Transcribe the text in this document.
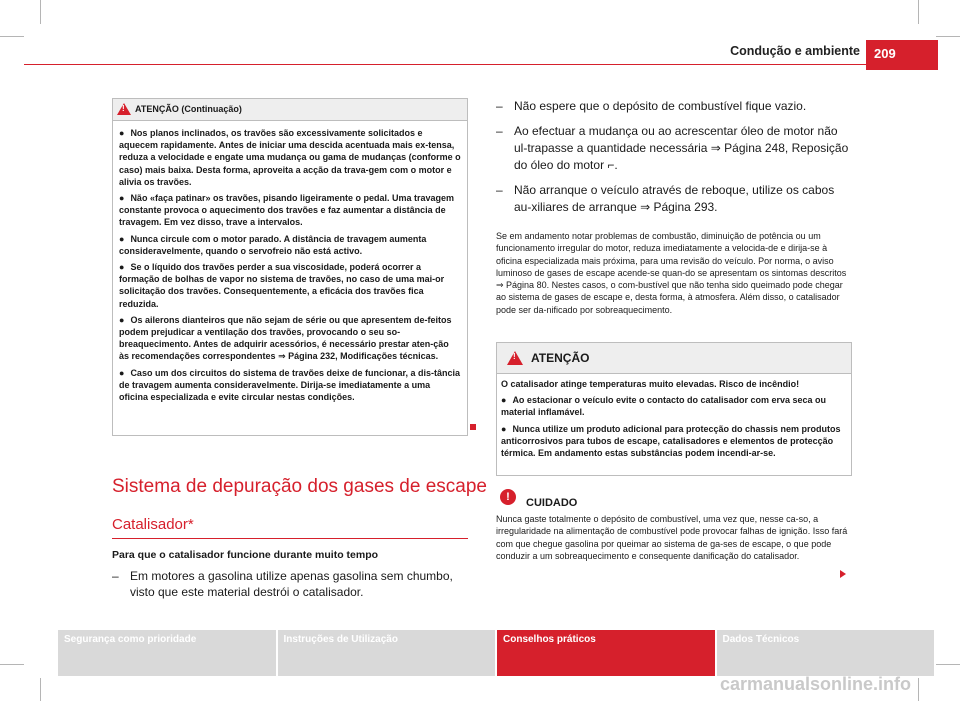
Condução e ambiente	209
!
ATENÇÃO (Continuação)
● Nos planos inclinados, os travões são excessivamente solicitados e aquecem rapidamente. Antes de iniciar uma descida acentuada mais ex-tensa, reduza a velocidade e engate uma mudança ou gama de mudanças (conforme o caso) mais baixa. Desta forma, aproveita a acção da trava-gem com o motor e alivia os travões.
● Não «faça patinar» os travões, pisando ligeiramente o pedal. Uma travagem constante provoca o aquecimento dos travões e faz aumentar a distância de travagem. Em vez disso, trave a intervalos.
● Nunca circule com o motor parado. A distância de travagem aumenta consideravelmente, quando o servofreio não está activo.
● Se o líquido dos travões perder a sua viscosidade, poderá ocorrer a formação de bolhas de vapor no sistema de travões, no caso de uma mai-or solicitação dos travões. Consequentemente, a eficácia dos travões fica reduzida.
● Os ailerons dianteiros que não sejam de série ou que apresentem de-feitos podem prejudicar a ventilação dos travões, provocando o seu so-breaquecimento. Antes de adquirir acessórios, é necessário prestar aten-ção às recomendações correspondentes ⇒ Página 232, Modificações técnicas.
● Caso um dos circuitos do sistema de travões deixe de funcionar, a dis-tância de travagem aumenta consideravelmente. Dirija-se imediatamente a uma oficina especializada e evite circular nestas condições.
Sistema de depuração dos gases de escape
Catalisador*
Para que o catalisador funcione durante muito tempo
– Em motores a gasolina utilize apenas gasolina sem chumbo, visto que este material destrói o catalisador.
– Não espere que o depósito de combustível fique vazio.
– Ao efectuar a mudança ou ao acrescentar óleo de motor não ul-trapasse a quantidade necessária ⇒ Página 248, Reposição do óleo do motor ⌐.
– Não arranque o veículo através de reboque, utilize os cabos au-xiliares de arranque ⇒ Página 293.
Se em andamento notar problemas de combustão, diminuição de potência ou um funcionamento irregular do motor, reduza imediatamente a velocida-de e dirija-se à oficina especializada mais próxima, para uma revisão do veículo. Por norma, o aviso luminoso de gases de escape acende-se quan-do se apresentam os sintomas descritos ⇒ Página 80. Nestes casos, o com-bustível que não tenha sido queimado pode chegar ao sistema de gases de escape e, desta forma, à atmosfera. Além disso, o catalisador pode ser da-nificado por sobreaquecimento.
!
ATENÇÃO
O catalisador atinge temperaturas muito elevadas. Risco de incêndio!
● Ao estacionar o veículo evite o contacto do catalisador com erva seca ou material inflamável.
● Nunca utilize um produto adicional para protecção do chassis nem produtos anticorrosivos para tubos de escape, catalisadores e elementos de protecção térmica. Em andamento estas substâncias podem incendi-ar-se.
!	CUIDADO
Nunca gaste totalmente o depósito de combustível, uma vez que, nesse ca-so, a irregularidade na alimentação de combustível pode provocar falhas de ignição. Isso fará com que chegue gasolina por queimar ao sistema de ga-ses de escape, o que pode conduzir a um sobreaquecimento e consequente danificação do catalisador.
Segurança como prioridade	Instruções de Utilização	Conselhos práticos	Dados Técnicos
carmanualsonline.info
